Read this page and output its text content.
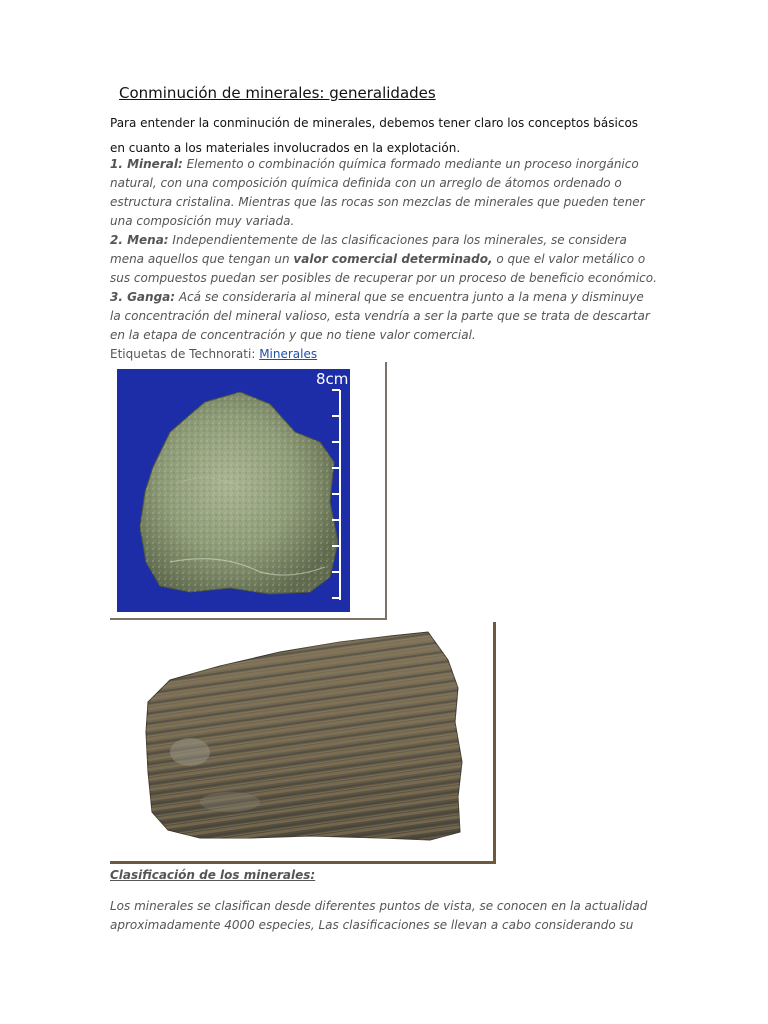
Conminución de minerales: generalidades
Para entender la conminución de minerales, debemos tener claro los conceptos básicos en cuanto a los materiales involucrados en la explotación.

1. Mineral: Elemento o combinación química formado mediante un proceso inorgánico natural, con una composición química definida con un arreglo de átomos ordenado o estructura cristalina. Mientras que las rocas son mezclas de minerales que pueden tener una composición muy variada.

2. Mena: Independientemente de las clasificaciones para los minerales, se considera mena aquellos que tengan un valor comercial determinado, o que el valor metálico o sus compuestos puedan ser posibles de recuperar por un proceso de beneficio económico.

3. Ganga: Acá se consideraria al mineral que se encuentra junto a la mena y disminuye la concentración del mineral valioso, esta vendría a ser la parte que se trata de descartar en la etapa de concentración y que no tiene valor comercial.

Etiquetas de Technorati: Minerales

8cm
Clasificación de los minerales:
Los minerales se clasifican desde diferentes puntos de vista, se conocen en la actualidad aproximadamente 4000 especies, Las clasificaciones se llevan a cabo considerando su
